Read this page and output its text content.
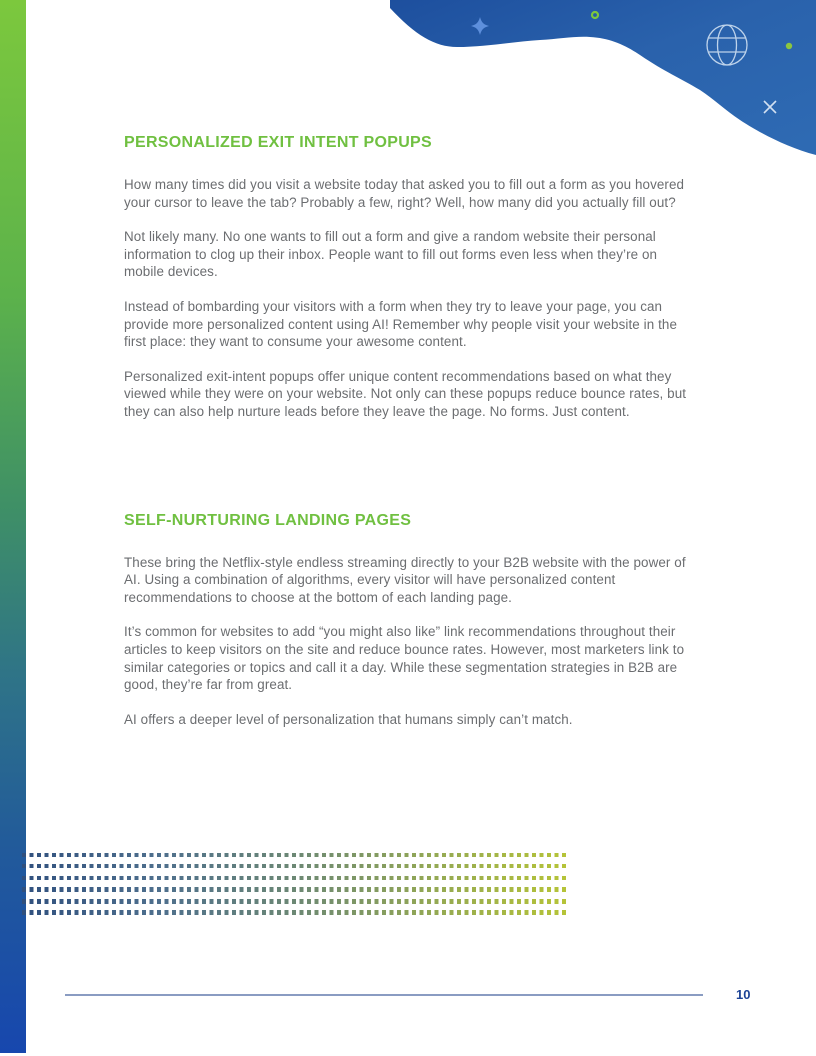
PERSONALIZED EXIT INTENT POPUPS

How many times did you visit a website today that asked you to fill out a form as you hovered your cursor to leave the tab? Probably a few, right? Well, how many did you actually fill out?

Not likely many. No one wants to fill out a form and give a random website their personal information to clog up their inbox. People want to fill out forms even less when they’re on mobile devices.

Instead of bombarding your visitors with a form when they try to leave your page, you can provide more personalized content using AI! Remember why people visit your website in the first place: they want to consume your awesome content.

Personalized exit-intent popups offer unique content recommendations based on what they viewed while they were on your website. Not only can these popups reduce bounce rates, but they can also help nurture leads before they leave the page. No forms. Just content.

SELF-NURTURING LANDING PAGES

These bring the Netflix-style endless streaming directly to your B2B website with the power of AI. Using a combination of algorithms, every visitor will have personalized content recommendations to choose at the bottom of each landing page.

It’s common for websites to add “you might also like” link recommendations throughout their articles to keep visitors on the site and reduce bounce rates. However, most marketers link to similar categories or topics and call it a day. While these segmentation strategies in B2B are good, they’re far from great.

AI offers a deeper level of personalization that humans simply can’t match.

10
